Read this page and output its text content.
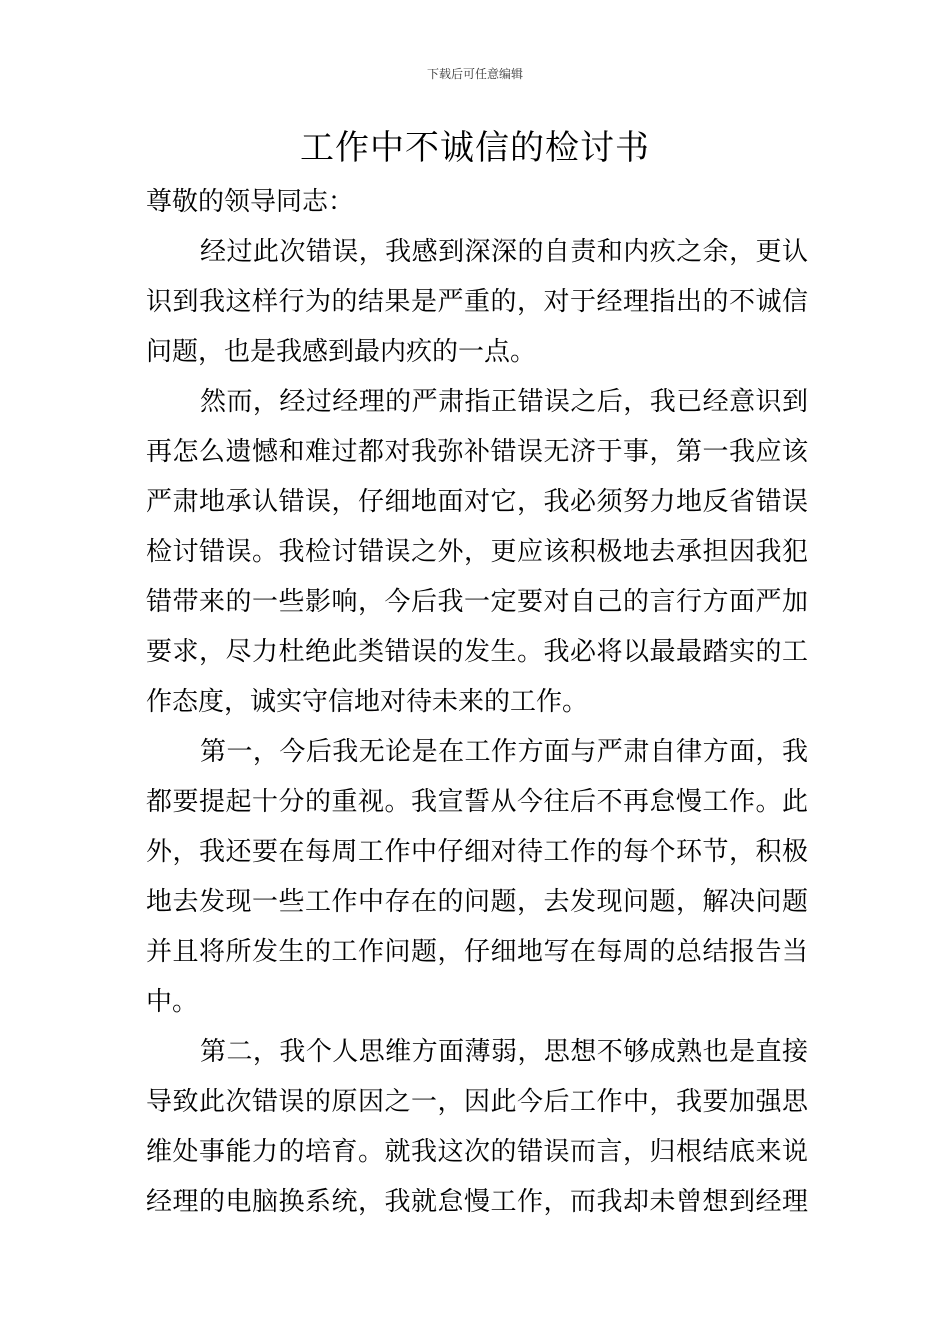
下载后可任意编辑
工作中不诚信的检讨书

尊敬的领导同志：

经过此次错误，我感到深深的自责和内疚之余，更认
识到我这样行为的结果是严重的，对于经理指出的不诚信
问题，也是我感到最内疚的一点。
然而，经过经理的严肃指正错误之后，我已经意识到
再怎么遗憾和难过都对我弥补错误无济于事，第一我应该
严肃地承认错误，仔细地面对它，我必须努力地反省错误
检讨错误。我检讨错误之外，更应该积极地去承担因我犯
错带来的一些影响，今后我一定要对自己的言行方面严加
要求，尽力杜绝此类错误的发生。我必将以最最踏实的工
作态度，诚实守信地对待未来的工作。
第一，今后我无论是在工作方面与严肃自律方面，我
都要提起十分的重视。我宣誓从今往后不再怠慢工作。此
外，我还要在每周工作中仔细对待工作的每个环节，积极
地去发现一些工作中存在的问题，去发现问题，解决问题
并且将所发生的工作问题，仔细地写在每周的总结报告当
中。
第二，我个人思维方面薄弱，思想不够成熟也是直接
导致此次错误的原因之一，因此今后工作中，我要加强思
维处事能力的培育。就我这次的错误而言，归根结底来说
经理的电脑换系统，我就怠慢工作，而我却未曾想到经理
